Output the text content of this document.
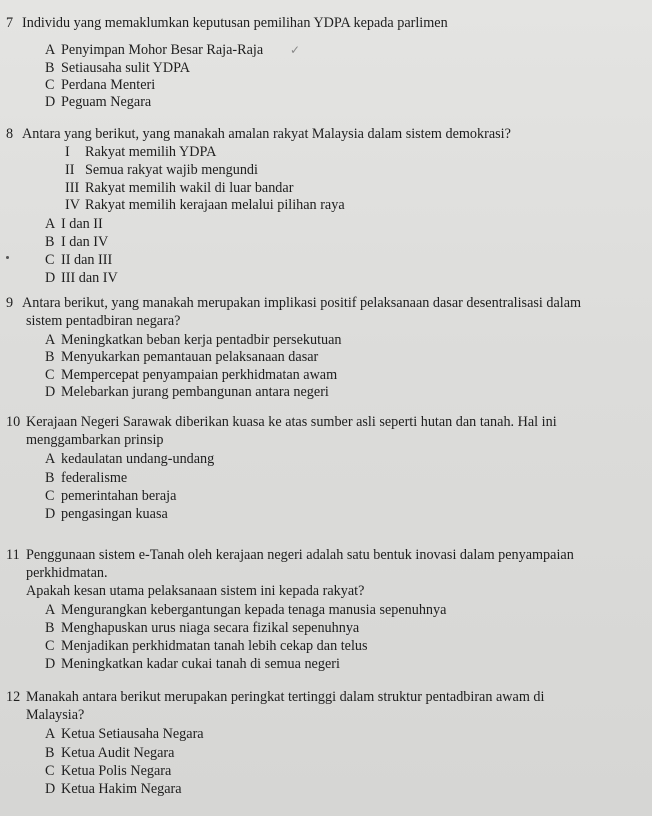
7 Individu yang memaklumkan keputusan pemilihan YDPA kepada parlimen
A Penyimpan Mohor Besar Raja-Raja ✓
B Setiausaha sulit YDPA
C Perdana Menteri
D Peguam Negara
8 Antara yang berikut, yang manakah amalan rakyat Malaysia dalam sistem demokrasi?
I Rakyat memilih YDPA
II Semua rakyat wajib mengundi
III Rakyat memilih wakil di luar bandar
IV Rakyat memilih kerajaan melalui pilihan raya
A I dan II
B I dan IV
C II dan III
D III dan IV
9 Antara berikut, yang manakah merupakan implikasi positif pelaksanaan dasar desentralisasi dalam
sistem pentadbiran negara?
A Meningkatkan beban kerja pentadbir persekutuan
B Menyukarkan pemantauan pelaksanaan dasar
C Mempercepat penyampaian perkhidmatan awam
D Melebarkan jurang pembangunan antara negeri
10 Kerajaan Negeri Sarawak diberikan kuasa ke atas sumber asli seperti hutan dan tanah. Hal ini
menggambarkan prinsip
A kedaulatan undang-undang
B federalisme
C pemerintahan beraja
D pengasingan kuasa
11 Penggunaan sistem e-Tanah oleh kerajaan negeri adalah satu bentuk inovasi dalam penyampaian
perkhidmatan.
Apakah kesan utama pelaksanaan sistem ini kepada rakyat?
A Mengurangkan kebergantungan kepada tenaga manusia sepenuhnya
B Menghapuskan urus niaga secara fizikal sepenuhnya
C Menjadikan perkhidmatan tanah lebih cekap dan telus
D Meningkatkan kadar cukai tanah di semua negeri
12 Manakah antara berikut merupakan peringkat tertinggi dalam struktur pentadbiran awam di
Malaysia?
A Ketua Setiausaha Negara
B Ketua Audit Negara
C Ketua Polis Negara
D Ketua Hakim Negara
